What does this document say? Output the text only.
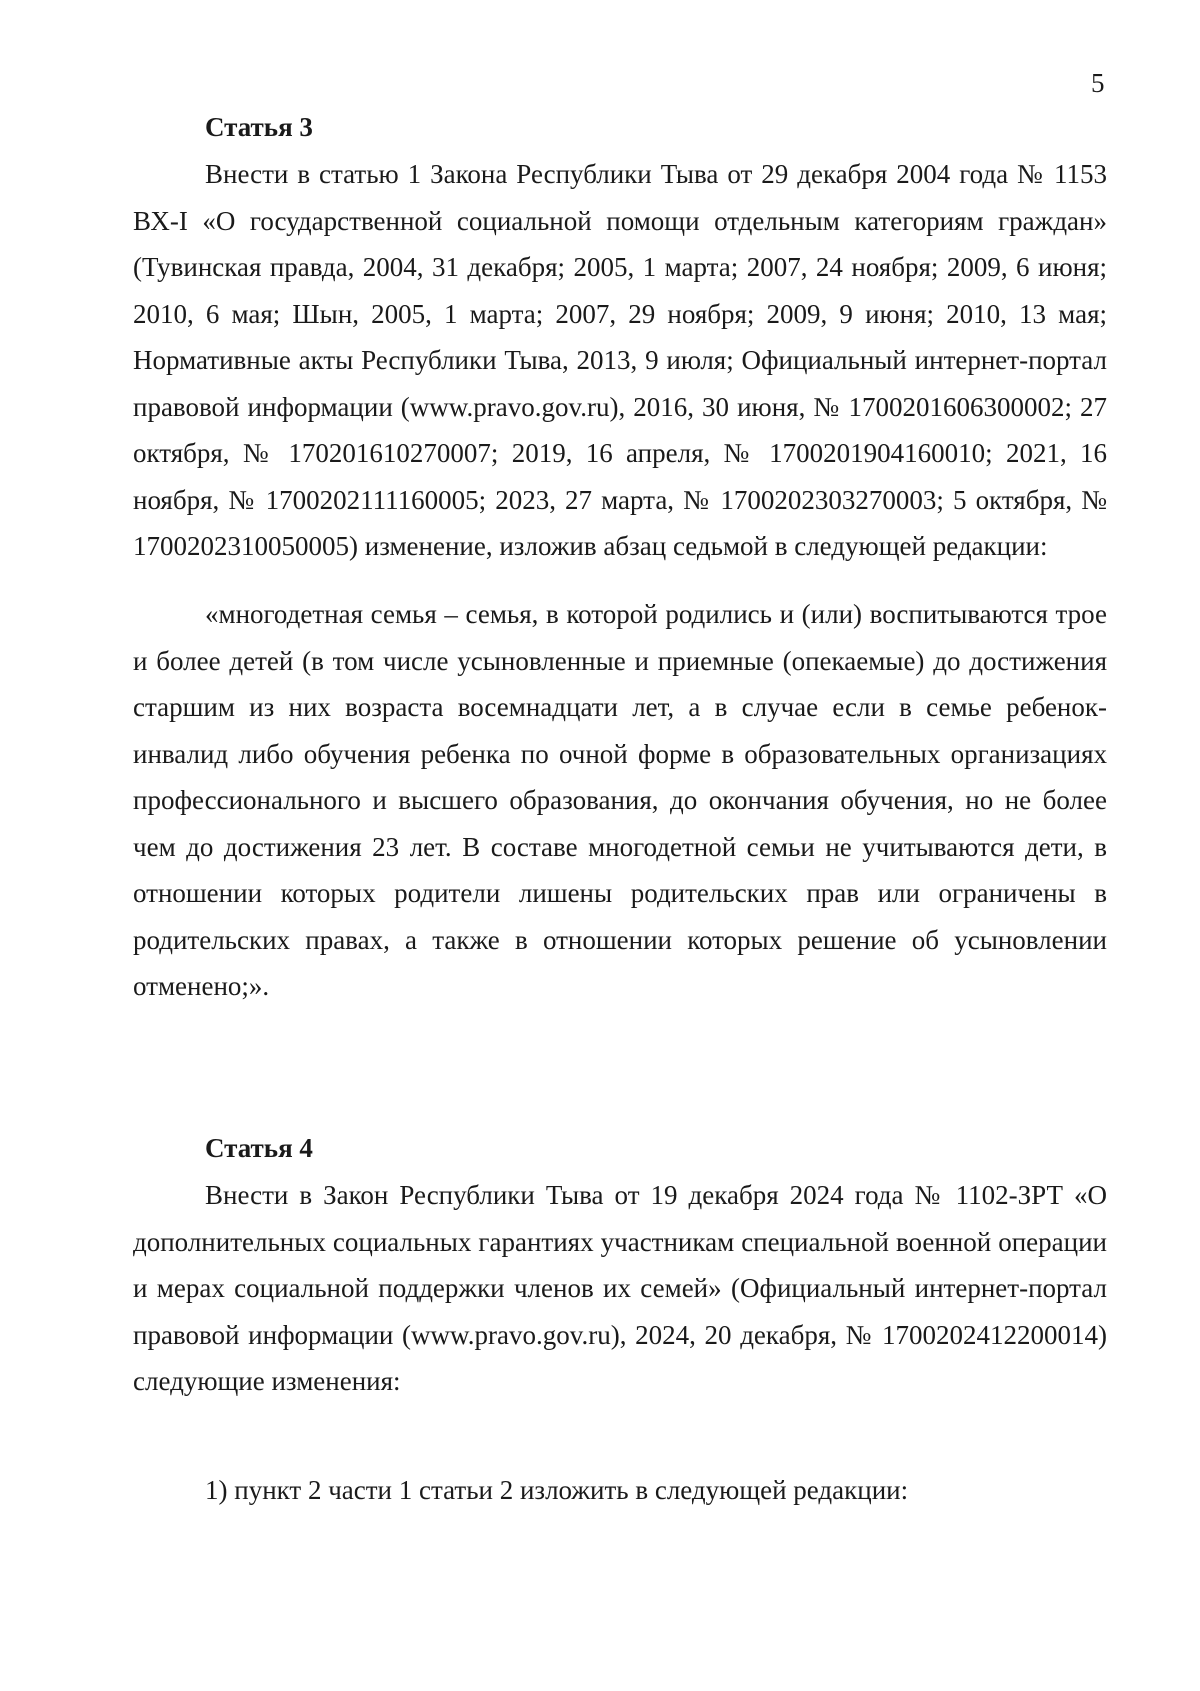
5
Статья 3

Внести в статью 1 Закона Республики Тыва от 29 декабря 2004 года № 1153 ВХ-I «О государственной социальной помощи отдельным категориям граждан» (Тувинская правда, 2004, 31 декабря; 2005, 1 марта; 2007, 24 ноября; 2009, 6 июня; 2010, 6 мая; Шын, 2005, 1 марта; 2007, 29 ноября; 2009, 9 июня; 2010, 13 мая; Нормативные акты Республики Тыва, 2013, 9 июля; Официальный интернет-портал правовой информации (www.pravo.gov.ru), 2016, 30 июня, № 1700201606300002; 27 октября, № 170201610270007; 2019, 16 апреля, № 1700201904160010; 2021, 16 ноября, № 1700202111160005; 2023, 27 марта, № 1700202303270003; 5 октября, № 1700202310050005) изменение, изложив абзац седьмой в следующей редакции:

«многодетная семья – семья, в которой родились и (или) воспитываются трое и более детей (в том числе усыновленные и приемные (опекаемые) до достижения старшим из них возраста восемнадцати лет, а в случае если в семье ребенок-инвалид либо обучения ребенка по очной форме в образовательных организациях профессионального и высшего образования, до окончания обучения, но не более чем до достижения 23 лет. В составе многодетной семьи не учитываются дети, в отношении которых родители лишены родительских прав или ограничены в родительских правах, а также в отношении которых решение об усыновлении отменено;».

Статья 4

Внести в Закон Республики Тыва от 19 декабря 2024 года № 1102-ЗРТ «О дополнительных социальных гарантиях участникам специальной военной операции и мерах социальной поддержки членов их семей» (Официальный интернет-портал правовой информации (www.pravo.gov.ru), 2024, 20 декабря, № 1700202412200014) следующие изменения:

1) пункт 2 части 1 статьи 2 изложить в следующей редакции:
